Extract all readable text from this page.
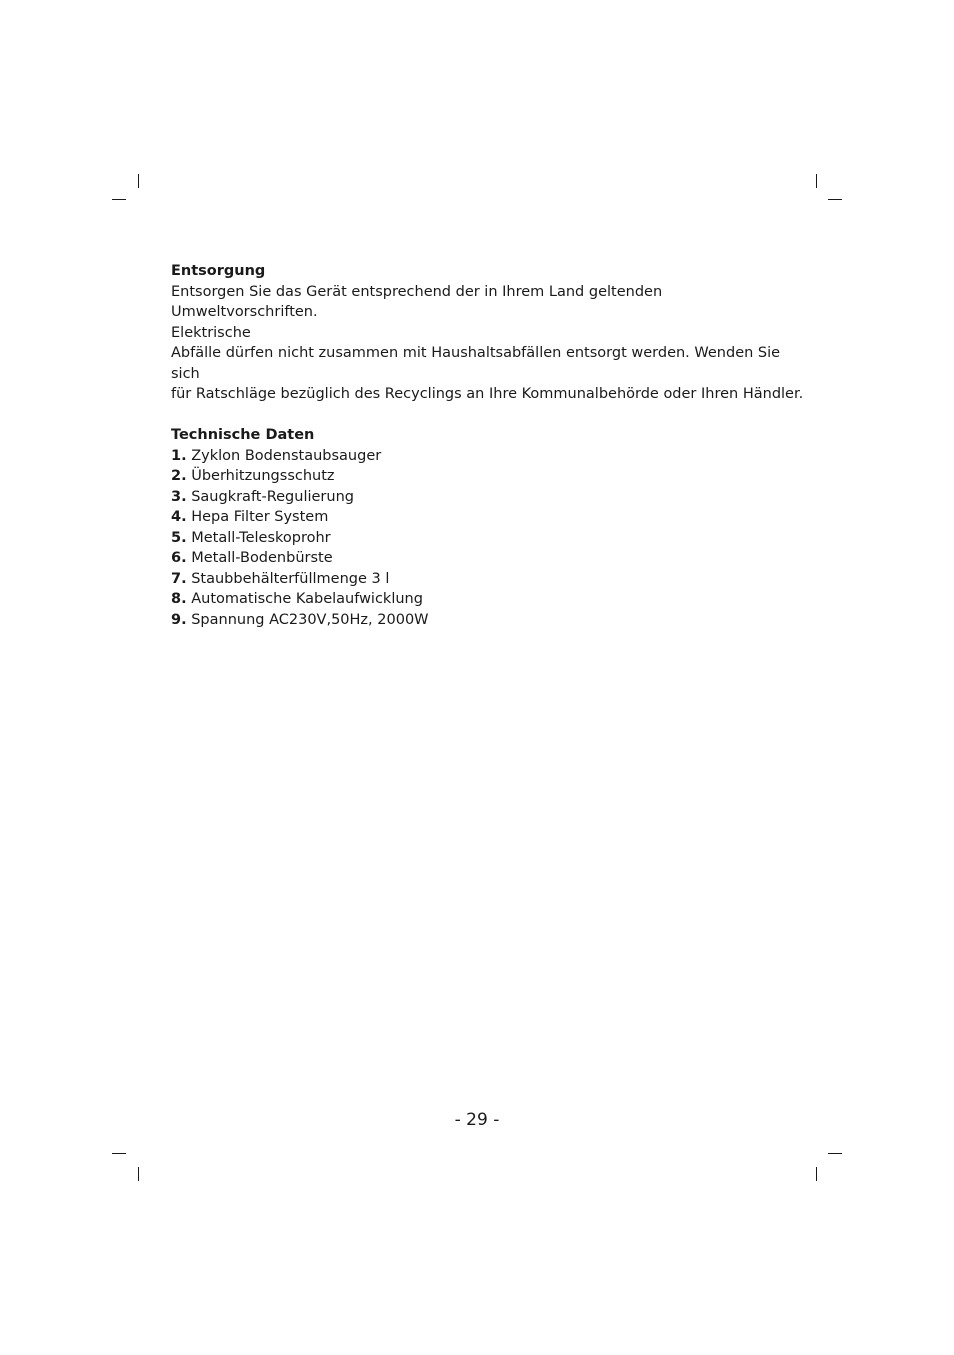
Entsorgung

Entsorgen Sie das Gerät entsprechend der in Ihrem Land geltenden Umweltvorschriften.

Elektrische

Abfälle dürfen nicht zusammen mit Haushaltsabfällen entsorgt werden. Wenden Sie sich

für Ratschläge bezüglich des Recyclings an Ihre Kommunalbehörde oder Ihren Händler.

Technische Daten

1. Zyklon Bodenstaubsauger
2. Überhitzungsschutz
3. Saugkraft-Regulierung
4. Hepa Filter System
5. Metall-Teleskoprohr
6. Metall-Bodenbürste
7. Staubbehälterfüllmenge 3 l
8. Automatische Kabelaufwicklung
9. Spannung AC230V,50Hz, 2000W
- 29 -
